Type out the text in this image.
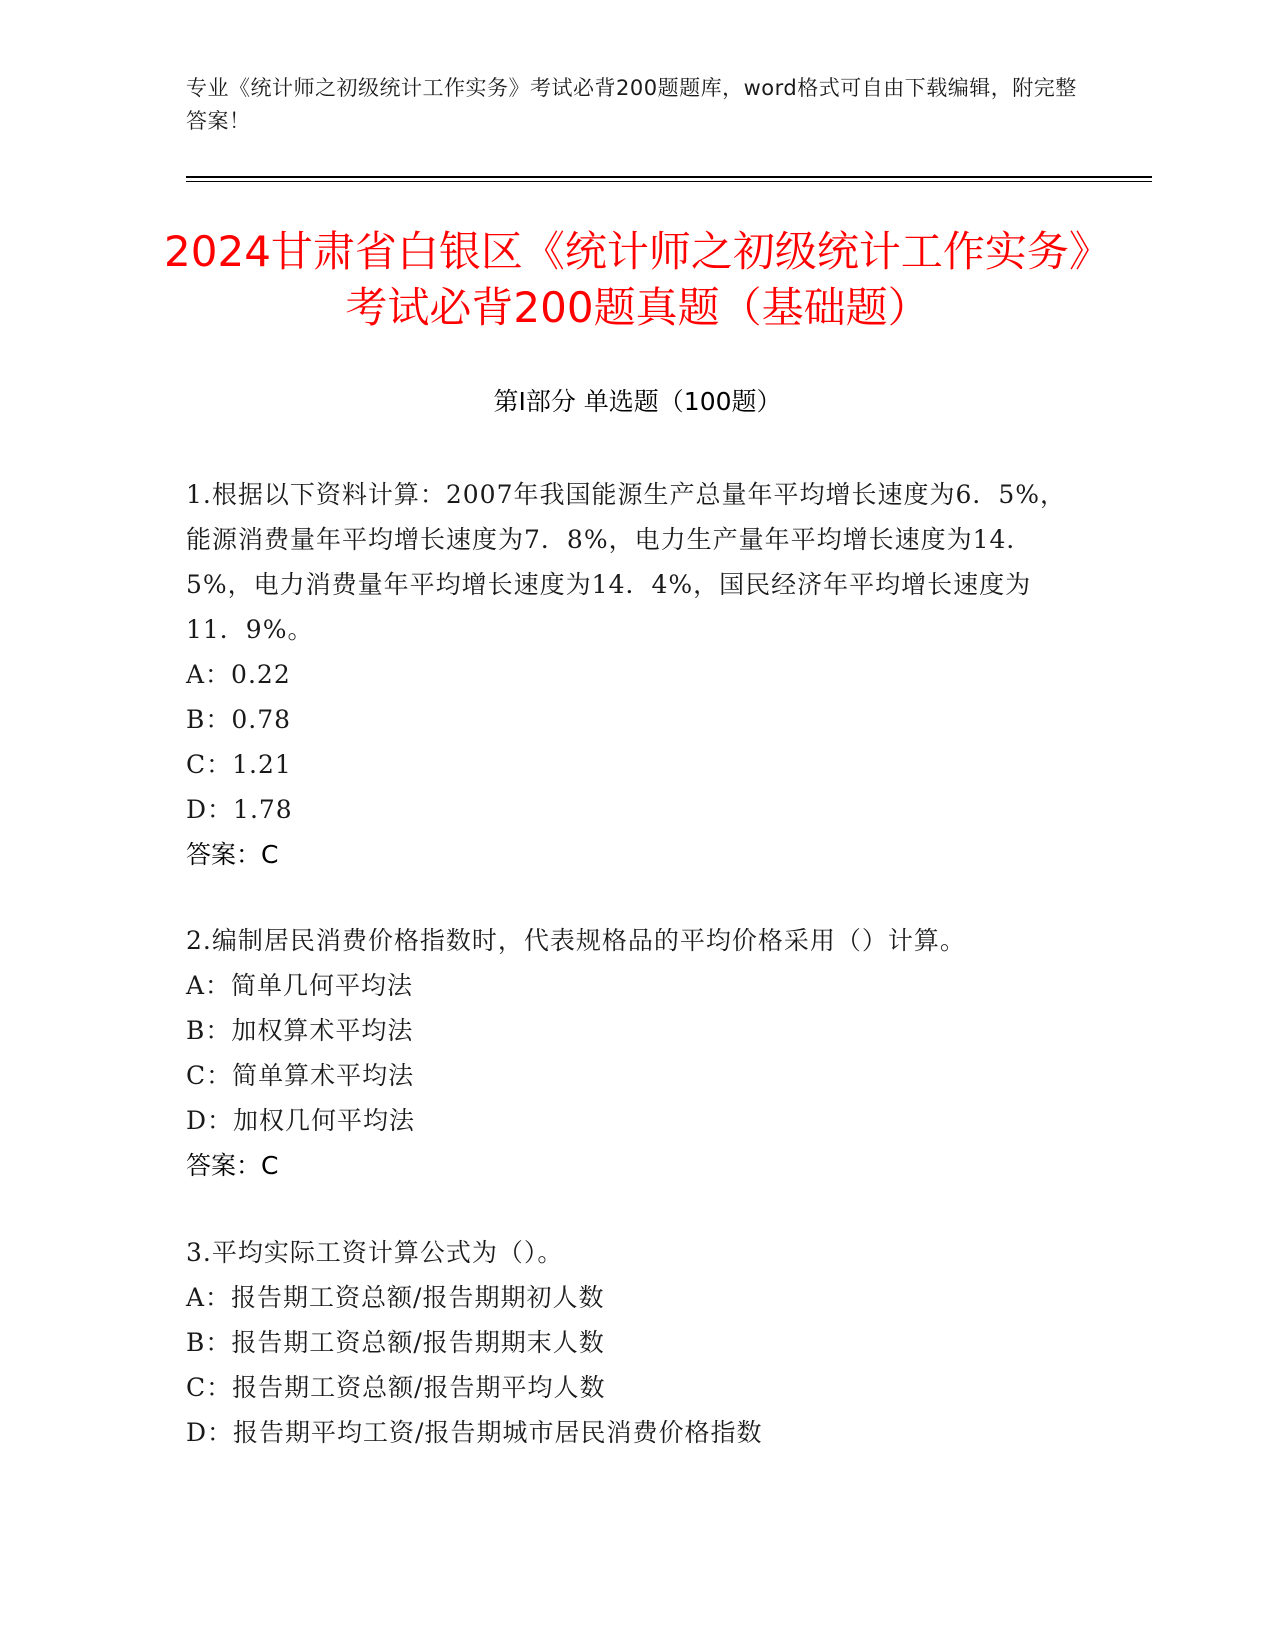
专业《统计师之初级统计工作实务》考试必背200题题库，word格式可自由下载编辑，附完整答案！
2024甘肃省白银区《统计师之初级统计工作实务》考试必背200题真题（基础题）
第Ⅰ部分 单选题（100题）
1.根据以下资料计算：2007年我国能源生产总量年平均增长速度为6．5%，能源消费量年平均增长速度为7．8%，电力生产量年平均增长速度为14．5%，电力消费量年平均增长速度为14．4%，国民经济年平均增长速度为11．9%。
A：0.22
B：0.78
C：1.21
D：1.78
答案：C
2.编制居民消费价格指数时，代表规格品的平均价格采用（）计算。
A：简单几何平均法
B：加权算术平均法
C：简单算术平均法
D：加权几何平均法
答案：C
3.平均实际工资计算公式为（）。
A：报告期工资总额/报告期期初人数
B：报告期工资总额/报告期期末人数
C：报告期工资总额/报告期平均人数
D：报告期平均工资/报告期城市居民消费价格指数
